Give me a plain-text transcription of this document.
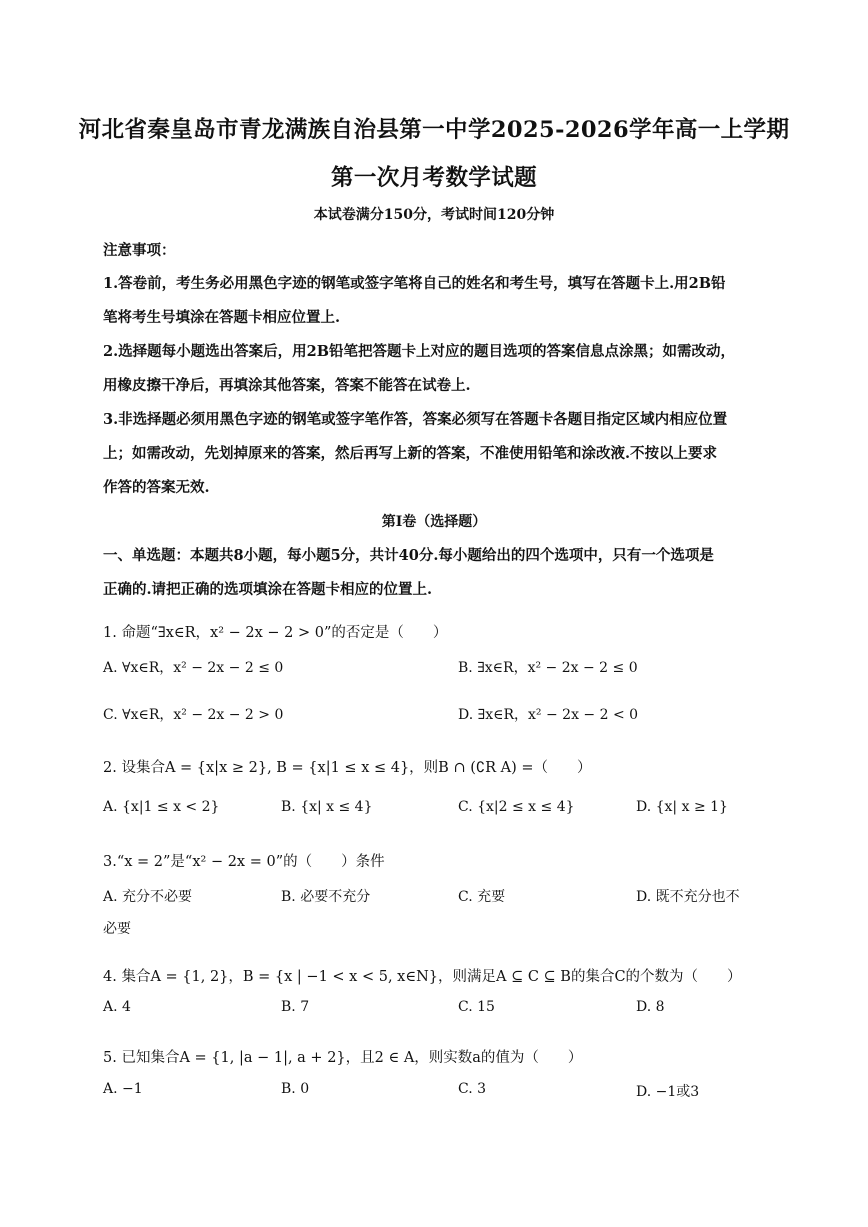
河北省秦皇岛市青龙满族自治县第一中学2025-2026学年高一上学期
第一次月考数学试题
本试卷满分150分，考试时间120分钟
注意事项：
1.答卷前，考生务必用黑色字迹的钢笔或签字笔将自己的姓名和考生号，填写在答题卡上.用2B铅
笔将考生号填涂在答题卡相应位置上.
2.选择题每小题选出答案后，用2B铅笔把答题卡上对应的题目选项的答案信息点涂黑；如需改动，
用橡皮擦干净后，再填涂其他答案，答案不能答在试卷上.
3.非选择题必须用黑色字迹的钢笔或签字笔作答，答案必须写在答题卡各题目指定区域内相应位置
上；如需改动，先划掉原来的答案，然后再写上新的答案，不准使用铅笔和涂改液.不按以上要求
作答的答案无效.
第I卷（选择题）
一、单选题：本题共8小题，每小题5分，共计40分.每小题给出的四个选项中，只有一个选项是
正确的.请把正确的选项填涂在答题卡相应的位置上.
1. 命题“∃x∈R，x² − 2x − 2 > 0”的否定是（　　）
A. ∀x∈R，x² − 2x − 2 ≤ 0	B. ∃x∈R，x² − 2x − 2 ≤ 0
C. ∀x∈R，x² − 2x − 2 > 0	D. ∃x∈R，x² − 2x − 2 < 0
2. 设集合A = {x|x ≥ 2}, B = {x|1 ≤ x ≤ 4}，则B ∩ (∁R A) =（　　）
A. {x|1 ≤ x < 2}	B. {x| x ≤ 4}	C. {x|2 ≤ x ≤ 4}	D. {x| x ≥ 1}
3.“x = 2”是“x² − 2x = 0”的（　　）条件
A. 充分不必要	B. 必要不充分	C. 充要	D. 既不充分也不
必要
4. 集合A = {1, 2}，B = {x | −1 < x < 5, x∈N}，则满足A ⊆ C ⊆ B的集合C的个数为（　　）
A. 4	B. 7	C. 15	D. 8
5. 已知集合A = {1, |a − 1|, a + 2}，且2 ∈ A，则实数a的值为（　　）
A. −1	B. 0	C. 3	D. −1或3
